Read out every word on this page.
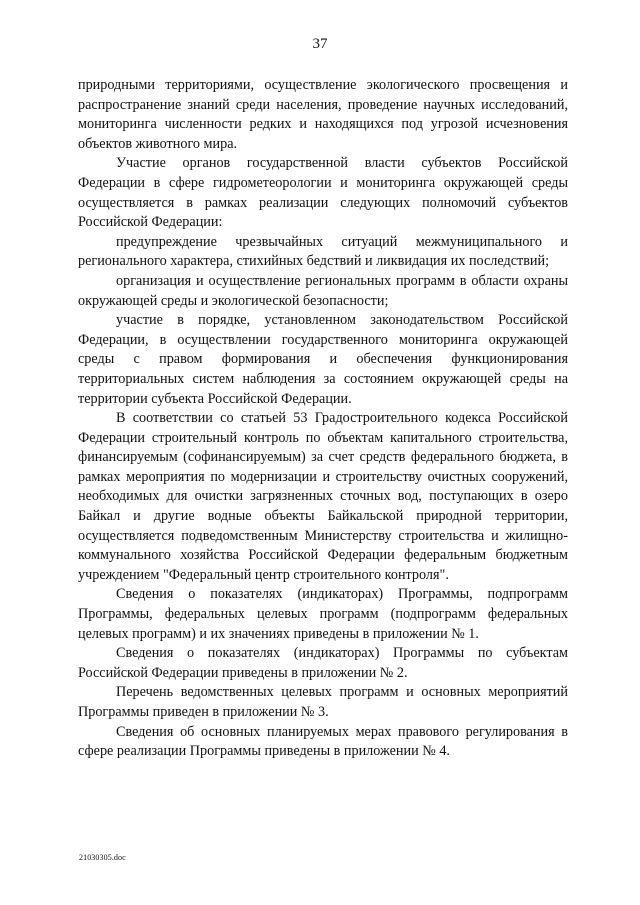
37

природными территориями, осуществление экологического просвещения и распространение знаний среди населения, проведение научных исследований, мониторинга численности редких и находящихся под угрозой исчезновения объектов животного мира.

Участие органов государственной власти субъектов Российской Федерации в сфере гидрометеорологии и мониторинга окружающей среды осуществляется в рамках реализации следующих полномочий субъектов Российской Федерации:

предупреждение чрезвычайных ситуаций межмуниципального и регионального характера, стихийных бедствий и ликвидация их последствий;

организация и осуществление региональных программ в области охраны окружающей среды и экологической безопасности;

участие в порядке, установленном законодательством Российской Федерации, в осуществлении государственного мониторинга окружающей среды с правом формирования и обеспечения функционирования территориальных систем наблюдения за состоянием окружающей среды на территории субъекта Российской Федерации.

В соответствии со статьей 53 Градостроительного кодекса Российской Федерации строительный контроль по объектам капитального строительства, финансируемым (софинансируемым) за счет средств федерального бюджета, в рамках мероприятия по модернизации и строительству очистных сооружений, необходимых для очистки загрязненных сточных вод, поступающих в озеро Байкал и другие водные объекты Байкальской природной территории, осуществляется подведомственным Министерству строительства и жилищно-коммунального хозяйства Российской Федерации федеральным бюджетным учреждением "Федеральный центр строительного контроля".

Сведения о показателях (индикаторах) Программы, подпрограмм Программы, федеральных целевых программ (подпрограмм федеральных целевых программ) и их значениях приведены в приложении № 1.

Сведения о показателях (индикаторах) Программы по субъектам Российской Федерации приведены в приложении № 2.

Перечень ведомственных целевых программ и основных мероприятий Программы приведен в приложении № 3.

Сведения об основных планируемых мерах правового регулирования в сфере реализации Программы приведены в приложении № 4.

21030305.doc
